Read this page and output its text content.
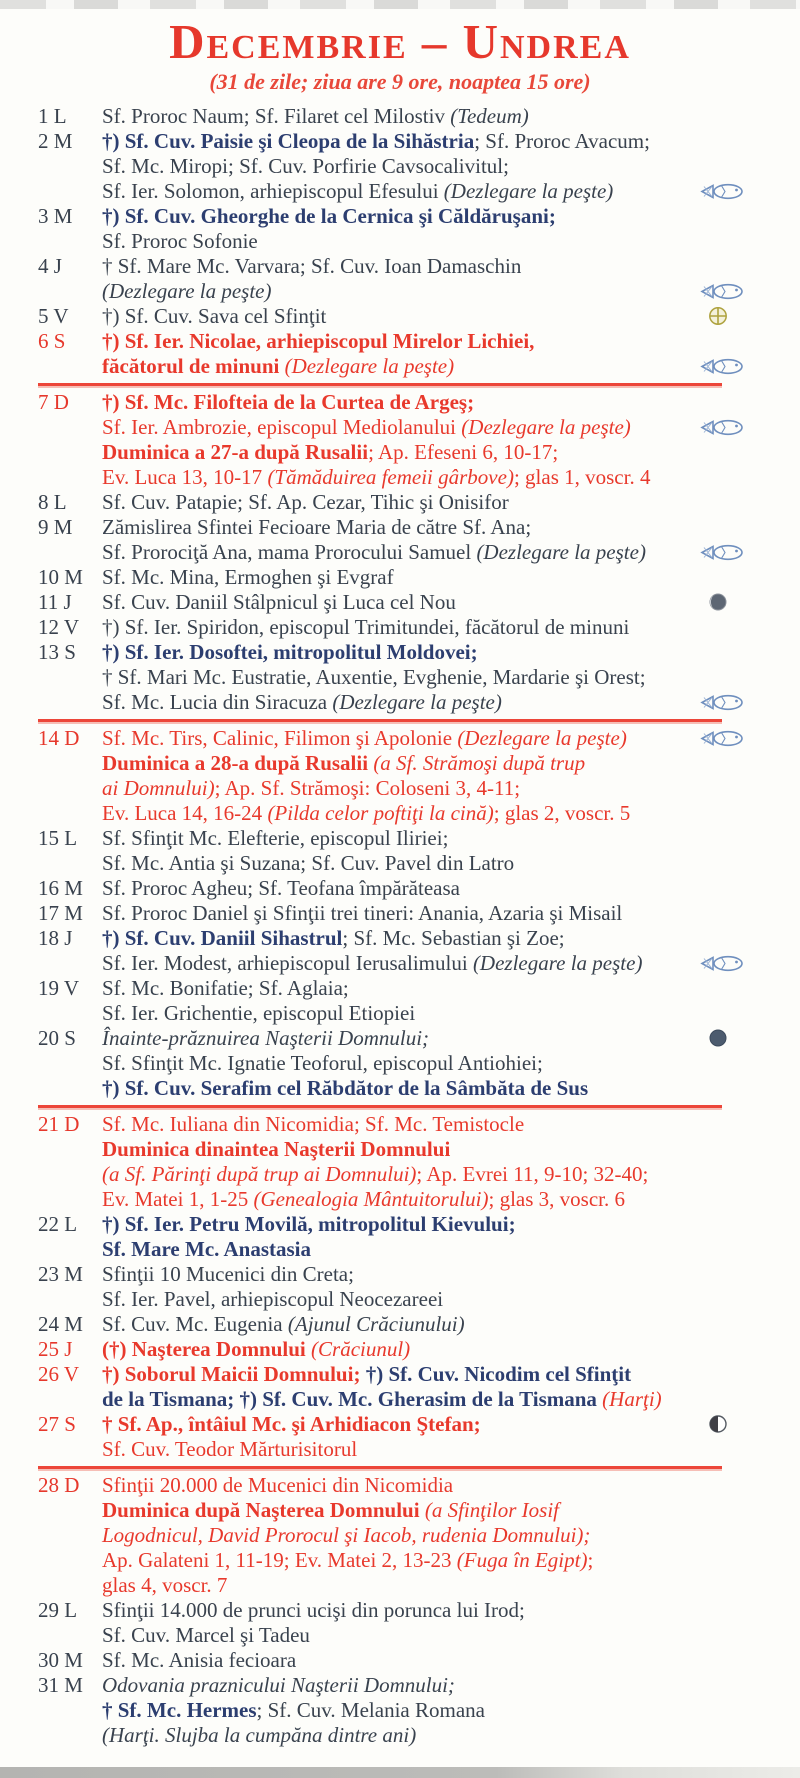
Decembrie – Undrea
(31 de zile; ziua are 9 ore, noaptea 15 ore)
1 L	Sf. Proroc Naum; Sf. Filaret cel Milostiv (Tedeum)
2 M	†) Sf. Cuv. Paisie şi Cleopa de la Sihăstria; Sf. Proroc Avacum;
Sf. Mc. Miropi; Sf. Cuv. Porfirie Cavsocalivitul;
Sf. Ier. Solomon, arhiepiscopul Efesului (Dezlegare la peşte)
3 M	†) Sf. Cuv. Gheorghe de la Cernica şi Căldăruşani;
Sf. Proroc Sofonie
4 J	† Sf. Mare Mc. Varvara; Sf. Cuv. Ioan Damaschin
(Dezlegare la peşte)
5 V	†) Sf. Cuv. Sava cel Sfinţit
6 S	†) Sf. Ier. Nicolae, arhiepiscopul Mirelor Lichiei,
făcătorul de minuni (Dezlegare la peşte)
7 D	†) Sf. Mc. Filofteia de la Curtea de Argeş;
Sf. Ier. Ambrozie, episcopul Mediolanului (Dezlegare la peşte)
Duminica a 27-a după Rusalii; Ap. Efeseni 6, 10-17;
Ev. Luca 13, 10-17 (Tămăduirea femeii gârbove); glas 1, voscr. 4
8 L	Sf. Cuv. Patapie; Sf. Ap. Cezar, Tihic şi Onisifor
9 M	Zămislirea Sfintei Fecioare Maria de către Sf. Ana;
Sf. Prorociţă Ana, mama Prorocului Samuel (Dezlegare la peşte)
10 M Sf. Mc. Mina, Ermoghen şi Evgraf
11 J	Sf. Cuv. Daniil Stâlpnicul şi Luca cel Nou
12 V	†) Sf. Ier. Spiridon, episcopul Trimitundei, făcătorul de minuni
13 S	†) Sf. Ier. Dosoftei, mitropolitul Moldovei;
† Sf. Mari Mc. Eustratie, Auxentie, Evghenie, Mardarie şi Orest;
Sf. Mc. Lucia din Siracuza (Dezlegare la peşte)
14 D	Sf. Mc. Tirs, Calinic, Filimon şi Apolonie (Dezlegare la peşte)
Duminica a 28-a după Rusalii (a Sf. Strămoşi după trup
ai Domnului); Ap. Sf. Strămoşi: Coloseni 3, 4-11;
Ev. Luca 14, 16-24 (Pilda celor poftiţi la cină); glas 2, voscr. 5
15 L	Sf. Sfinţit Mc. Elefterie, episcopul Iliriei;
Sf. Mc. Antia şi Suzana; Sf. Cuv. Pavel din Latro
16 M Sf. Proroc Agheu; Sf. Teofana împărăteasa
17 M Sf. Proroc Daniel şi Sfinţii trei tineri: Anania, Azaria şi Misail
18 J	†) Sf. Cuv. Daniil Sihastrul; Sf. Mc. Sebastian şi Zoe;
Sf. Ier. Modest, arhiepiscopul Ierusalimului (Dezlegare la peşte)
19 V	Sf. Mc. Bonifatie; Sf. Aglaia;
Sf. Ier. Grichentie, episcopul Etiopiei
20 S	Înainte-prăznuirea Naşterii Domnului;
Sf. Sfinţit Mc. Ignatie Teoforul, episcopul Antiohiei;
†) Sf. Cuv. Serafim cel Răbdător de la Sâmbăta de Sus
21 D	Sf. Mc. Iuliana din Nicomidia; Sf. Mc. Temistocle
Duminica dinaintea Naşterii Domnului
(a Sf. Părinţi după trup ai Domnului); Ap. Evrei 11, 9-10; 32-40;
Ev. Matei 1, 1-25 (Genealogia Mântuitorului); glas 3, voscr. 6
22 L	†) Sf. Ier. Petru Movilă, mitropolitul Kievului;
Sf. Mare Mc. Anastasia
23 M Sfinţii 10 Mucenici din Creta;
Sf. Ier. Pavel, arhiepiscopul Neocezareei
24 M Sf. Cuv. Mc. Eugenia (Ajunul Crăciunului)
25 J	(†) Naşterea Domnului (Crăciunul)
26 V	†) Soborul Maicii Domnului; †) Sf. Cuv. Nicodim cel Sfinţit
de la Tismana; †) Sf. Cuv. Mc. Gherasim de la Tismana (Harţi)
27 S	† Sf. Ap., întâiul Mc. şi Arhidiacon Ştefan;
Sf. Cuv. Teodor Mărturisitorul
28 D	Sfinţii 20.000 de Mucenici din Nicomidia
Duminica după Naşterea Domnului (a Sfinţilor Iosif
Logodnicul, David Prorocul şi Iacob, rudenia Domnului);
Ap. Galateni 1, 11-19; Ev. Matei 2, 13-23 (Fuga în Egipt);
glas 4, voscr. 7
29 L	Sfinţii 14.000 de prunci ucişi din porunca lui Irod;
Sf. Cuv. Marcel şi Tadeu
30 M Sf. Mc. Anisia fecioara
31 M Odovania praznicului Naşterii Domnului;
† Sf. Mc. Hermes; Sf. Cuv. Melania Romana
(Harţi. Slujba la cumpăna dintre ani)
